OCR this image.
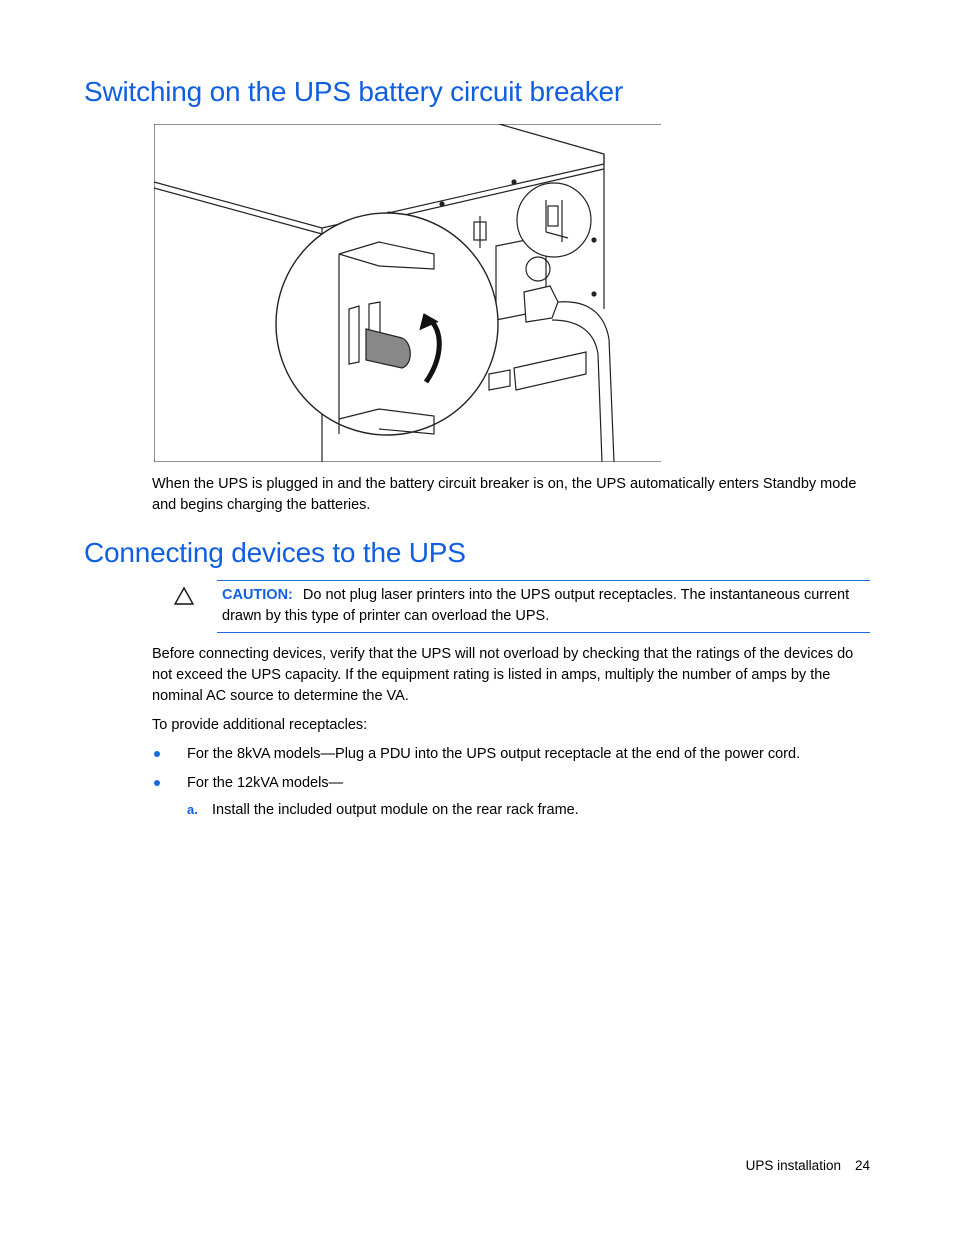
Switching on the UPS battery circuit breaker

When the UPS is plugged in and the battery circuit breaker is on, the UPS automatically enters Standby mode and begins charging the batteries.

Connecting devices to the UPS
CAUTION: Do not plug laser printers into the UPS output receptacles. The instantaneous current drawn by this type of printer can overload the UPS.

Before connecting devices, verify that the UPS will not overload by checking that the ratings of the devices do not exceed the UPS capacity. If the equipment rating is listed in amps, multiply the number of amps by the nominal AC source to determine the VA.

To provide additional receptacles:

For the 8kVA models—Plug a PDU into the UPS output receptacle at the end of the power cord.
For the 12kVA models—
a. Install the included output module on the rear rack frame.
UPS installation 24
